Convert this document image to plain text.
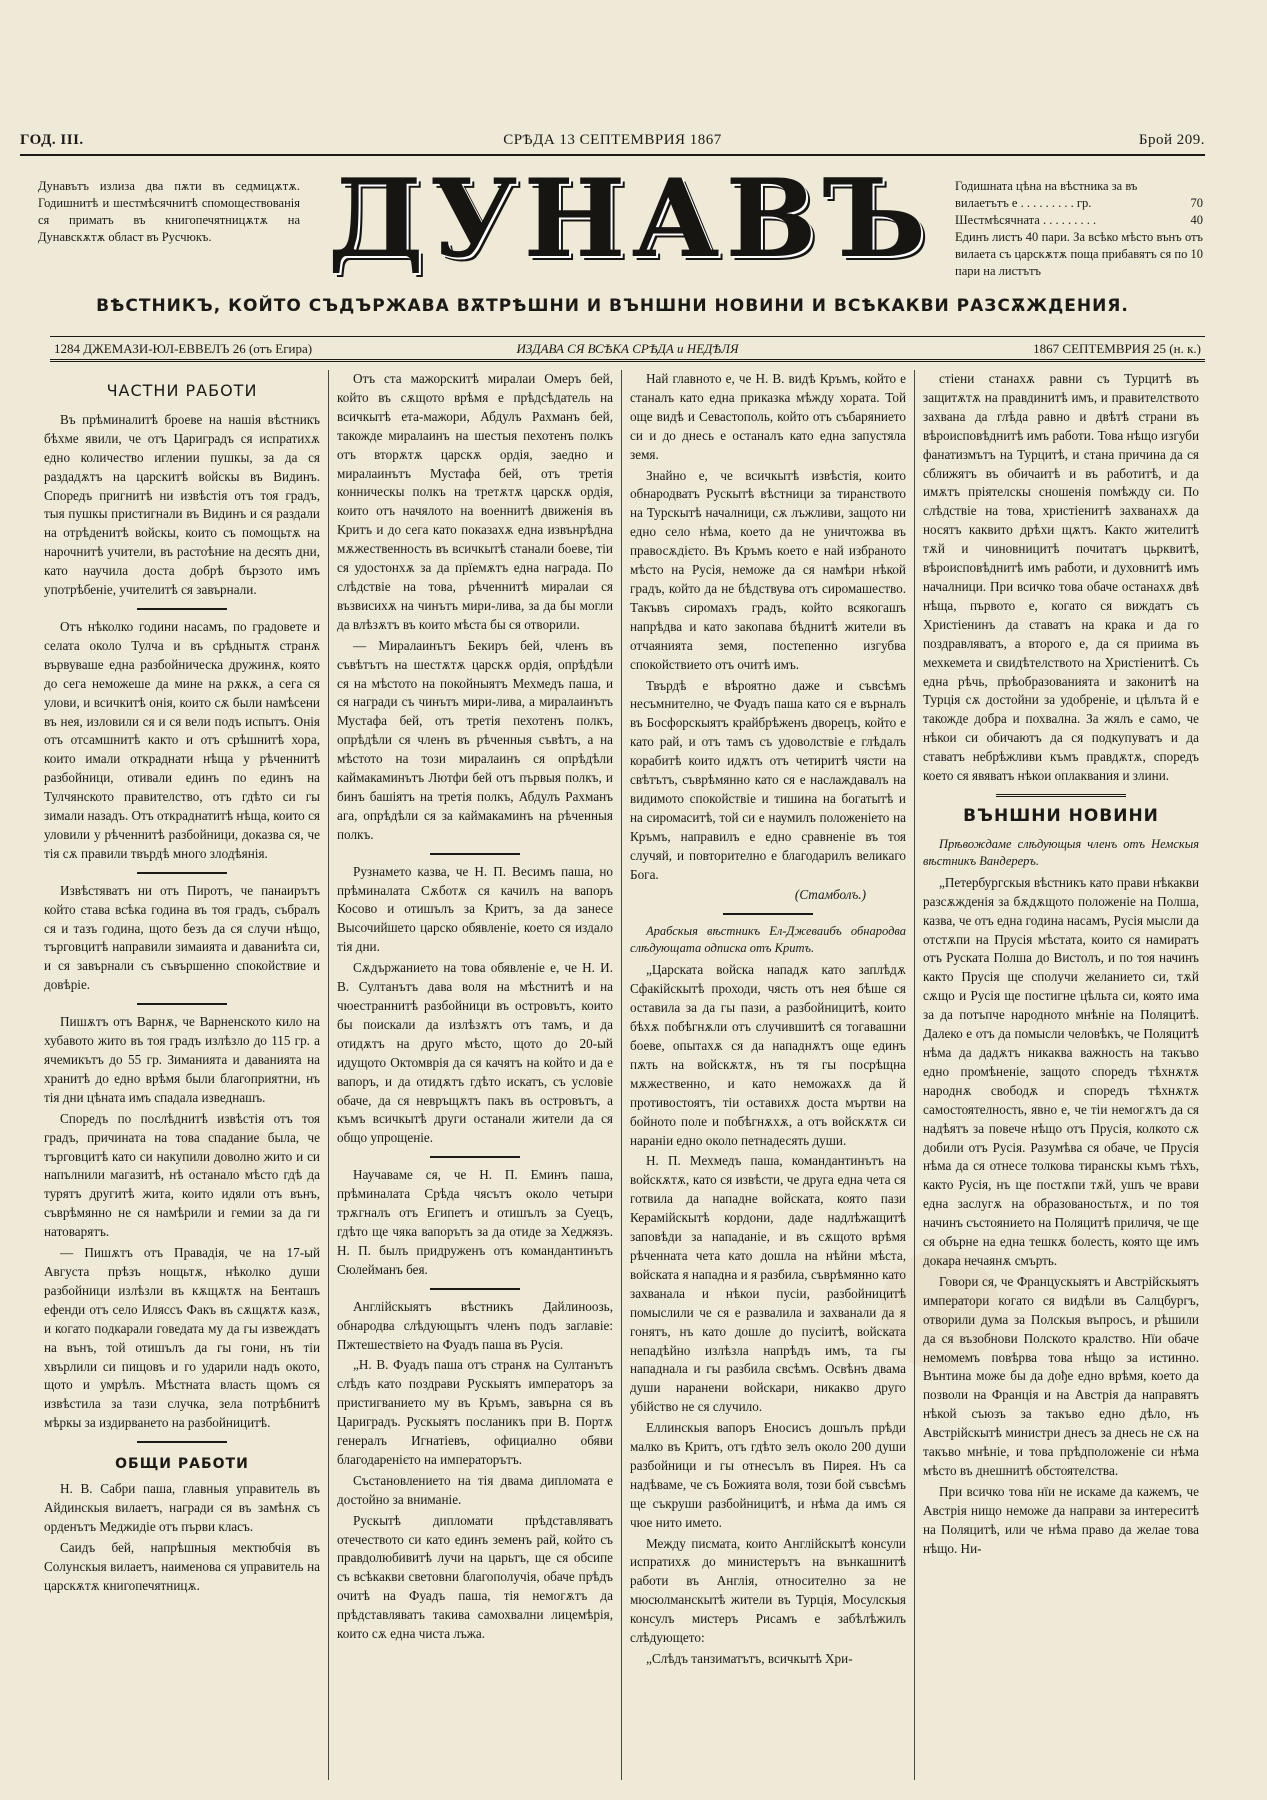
ГОД. III.	СРѢДА 13 СЕПТЕМВРИЯ 1867	Брой 209.
Дунавътъ излиза два пѫти въ седмицѫтѫ. Годишнитѣ и шестмѣсячнитѣ спомоществованія ся приматъ въ книгопечятницѫтѫ на Дунавскѫтѫ област въ Русчюкъ.	ДУНАВЪ	Годишната цѣна на вѣстника за въ
вилаетътъ е . . . . . . . . . гр.	70
Шестмѣсячната . . . . . . . . .	40
Единъ листъ 40 пари. За всѣко мѣсто вънъ отъ вилаета съ царскѫтѫ поща прибавятъ ся по 10 пари на листътъ
ВѢСТНИКЪ, КОЙТО СЪДЪРЖАВА ВѪТРѢШНИ И ВЪНШНИ НОВИНИ И ВСѢКАКВИ РАЗСѪЖДЕНИЯ.
1284 ДЖЕМАЗИ-ЮЛ-ЕВВЕЛЪ 26 (отъ Егира)	ИЗДАВА СЯ ВСѢКА СРѢДА и НЕДѢЛЯ	1867 СЕПТЕМВРИЯ 25 (н. к.)
ЧАСТНИ РАБОТИ

Въ прѣминалитѣ броеве на нашія вѣстникъ бѣхме явили, че отъ Цариградъ ся испратихѫ едно количество иглении пушкы, за да ся раздадѫтъ на царскитѣ войскы въ Видинъ. Споредъ пригнитѣ ни извѣстія отъ тоя градъ, тыя пушкы пристигнали въ Видинъ и ся раздали на отрѣденитѣ войскы, които съ помощьтѫ на нарочнитѣ учители, въ растоѣние на десять дни, като научила доста добрѣ бързото имъ употрѣбеніе, учителитѣ ся завърнали.

Отъ нѣколко години насамъ, по градовете и селата около Тулча и въ срѣднытѫ странѫ вървуваше една разбойническа дружинѫ, която до сега неможеше да мине на рѫкѫ, а сега ся улови, и всичкитѣ онія, които сѫ были намѣсени въ нея, изловили ся и ся вели подъ испытъ. Онія отъ отсамшнитѣ както и отъ срѣшнитѣ хора, които имали откраднати нѣща у рѣченнитѣ разбойници, отивали единъ по единъ на Тулчянското правителство, отъ гдѣто си гы зимали назадъ. Отъ откраднатитѣ нѣща, които ся уловили у рѣченнитѣ разбойници, доказва ся, че тія сѫ правили твърдѣ много злодѣянія.

Извѣстяватъ ни отъ Пиротъ, че панаирътъ който става всѣка година въ тоя градъ, събралъ ся и тазъ година, щото безъ да ся случи нѣщо, търговцитѣ направили зимаията и даваниѣта си, и ся завърнали съ съвършенно спокойствие и довѣріе.

Пишѫтъ отъ Варнѫ, че Варненското кило на хубавото жито въ тоя градъ излѣзло до 115 гр. а ячемикътъ до 55 гр. Зиманията и даванията на хранитѣ до едно врѣмя были благоприятни, нъ тія дни цѣната имъ спадала изведнашъ.

Споредъ по послѣднитѣ извѣстія отъ тоя градъ, причината на това спадание была, че търговцитѣ като си накупили доволно жито и си напълнили магазитѣ, нѣ останало мѣсто гдѣ да турятъ другитѣ жита, които идяли отъ вънъ, съврѣмянно не ся намѣрили и гемии за да ги натоварятъ.

— Пишѫтъ отъ Правадія, че на 17-ый Августа прѣзъ нощьтѫ, нѣколко души разбойници излѣзли въ кѫщѫтѫ на Бенташъ ефенди отъ село Иляссъ Факъ въ сѫщѫтѫ казѫ, и когато подкарали говедата му да гы извеждатъ на вънъ, той отишълъ да гы гони, нъ тіи хвърлили си пищовъ и го ударили надъ окото, щото и умрѣлъ. Мѣстната власть щомъ ся извѣстила за тази случка, зела потрѣбнитѣ мѣркы за издирването на разбойницитѣ.

ОБЩИ РАБОТИ

Н. В. Сабри паша, главныя управитель въ Айдинскыя вилаетъ, награди ся въ замѣнѫ съ орденътъ Меджидіе отъ първи класъ.

Саидъ бей, напрѣшныя мектюбчія въ Солунскыя вилаетъ, наименова ся управитель на царскѫтѫ книгопечятницѫ.

Отъ ста мажорскитѣ миралаи Омеръ бей, който въ сѫщото врѣмя е прѣдсѣдатель на всичкытѣ ета-мажори, Абдулъ Рахманъ бей, такожде миралаинъ на шестыя пехотенъ полкъ отъ вторѫтѫ царскѫ ордія, заедно и миралаинътъ Мустафа бей, отъ третія конническы полкъ на третѫтѫ царскѫ ордія, които отъ начялото на военнитѣ движенія въ Критъ и до сега като показахѫ една извънрѣдна мѫжественность въ всичкытѣ станали боеве, тіи ся удостонхѫ за да прїемѫтъ една награда. По слѣдствіе на това, рѣченнитѣ миралаи ся възвисихѫ на чинътъ мири-лива, за да бы могли да влѣзѫтъ въ които мѣста бы ся отворили.

— Миралаинътъ Бекиръ бей, членъ въ съвѣтътъ на шестѫтѫ царскѫ ордія, опрѣдѣли ся на мѣстото на покойныятъ Мехмедъ паша, и ся награди съ чинътъ мири-лива, а миралаинътъ Мустафа бей, отъ третія пехотенъ полкъ, опрѣдѣли ся членъ въ рѣченныя съвѣтъ, а на мѣстото на този миралаинъ ся опрѣдѣли каймакаминътъ Лютфи бей отъ първыя полкъ, и бинъ башіятъ на третія полкъ, Абдулъ Рахманъ ага, опрѣдѣли ся за каймакаминъ на рѣченныя полкъ.

Рузнамето казва, че Н. П. Весимъ паша, но прѣминалата Сѫботѫ ся качилъ на вапоръ Косово и отишълъ за Критъ, за да занесе Высочийшето царско обявленіе, което ся издало тія дни.

Сѫдържанието на това обявленіе е, че Н. И. В. Султанътъ дава воля на мѣстнитѣ и на чюестраннитѣ разбойници въ островътъ, които бы поискали да излѣзѫтъ отъ тамъ, и да отидѫтъ на друго мѣсто, щото до 20-ый идущото Октомврія да ся качятъ на който и да е вапоръ, и да отидѫтъ гдѣто искатъ, съ условіе обаче, да ся невръщѫтъ пакъ въ островътъ, а къмъ всичкытѣ други останали жители да ся общо упрощеніе.

Научаваме ся, че Н. П. Еминъ паша, прѣминалата Срѣда чясътъ около четыри трѫгналъ отъ Египетъ и отишълъ за Суецъ, гдѣто ще чяка вапорътъ за да отиде за Хеджязъ. Н. П. былъ придруженъ отъ командантинътъ Сюлейманъ бея.

Англійскыятъ вѣстникъ Дайлиноозь, обнародва слѣдующытъ членъ подъ заглавіе: Пжтешествіето на Фуадъ паша въ Русія.

„Н. В. Фуадъ паша отъ странѫ на Султанътъ слѣдъ като поздрави Рускыятъ императоръ за пристигванието му въ Кръмъ, завърна ся въ Цариградъ. Рускыятъ посланикъ при В. Портѫ генералъ Игнатіевъ, официално обяви благодаренієто на императорътъ.

Състановлението на тія двама дипломата е достойно за вниманіе.

Рускытѣ дипломати прѣдставляватъ отечеството си като единъ земенъ рай, който съ правдолюбивитѣ лучи на царьтъ, ще ся обсипе съ всѣкакви световни благополучія, обаче прѣдъ очитѣ на Фуадъ паша, тія немогѫтъ да прѣдставляватъ такива самохвални лицемѣрія, които сѫ една чиста лъжа.

Най главното е, че Н. В. видѣ Кръмъ, който е станалъ като една приказка мѣжду хората. Той още видѣ и Севастополь, който отъ събарянието си и до днесь е останалъ като една запустяла земя.

Знайно е, че всичкытѣ извѣстія, които обнародватъ Рускытѣ вѣстници за тиранството на Турскытѣ началници, сѫ лъжливи, защото ни едно село нѣма, което да не уничтожва въ правосѫдієто. Въ Кръмъ което е най избраното мѣсто на Русія, неможе да ся намѣри нѣкой градъ, който да не бѣдствува отъ сиромашество. Такъвъ сиромахъ градъ, който всякогашъ напрѣдва и като закопава бѣднитѣ жители въ отчаянията земя, постепенно изгубва спокойствието отъ очитѣ имъ.

Твърдѣ е вѣроятно даже и съвсѣмъ несъмнително, че Фуадъ паша като ся е върналъ въ Босфорскыятъ крайбрѣженъ дворецъ, който е като рай, и отъ тамъ съ удоволствіе е глѣдалъ корабитѣ които идѫтъ отъ четиритѣ чясти на свѣтътъ, съврѣмянно като ся е наслаждавалъ на видимото спокойствіе и тишина на богатытѣ и на сиромаситѣ, той си е наумилъ положеніето на Кръмъ, направилъ е едно сравненіе въ тоя случяй, и повторително е благодарилъ великаго Бога.

(Стамболъ.)
Арабскыя вѣстникъ Ел-Джеваибъ обнародва слѣдующата одписка отъ Критъ.

„Царската войска нападѫ като заплѣдѫ Сфакійскытѣ проходи, чясть отъ нея бѣше ся оставила за да гы пази, а разбойницитѣ, които бѣхѫ побѣгнѫли отъ случившитѣ ся тогавашни боеве, опытахѫ ся да нападнѫтъ още единъ пѫть на войскѫтѫ, нъ тя гы посрѣщна мѫжественно, и като неможахѫ да й противостоятъ, тіи оставихѫ доста мъртви на бойното поле и побѣгнѫхѫ, а отъ войскѫтѫ си нараніи едно около петнадесять души.

Н. П. Мехмедъ паша, командантинътъ на войскѫтѫ, като ся извѣсти, че друга една чета ся готвила да нападне войската, която пази Керамійскытѣ кордони, даде надлѣжащитѣ заповѣди за нападаніе, и въ сѫщото врѣмя рѣченната чета като дошла на нѣйни мѣста, войската я нападна и я разбила, съврѣмянно като захванала и нѣкои пусіи, разбойницитѣ помыслили че ся е развалила и захванали да я гонятъ, нъ като дошле до пусіитѣ, войската непадѣйно излѣзла напрѣдъ имъ, та гы нападнала и гы разбила свсѣмъ. Освѣнъ двама души наранени войскари, никакво друго убійство не ся случило.

Еллинскыя вапоръ Еносисъ дошълъ прѣди малко въ Критъ, отъ гдѣто зелъ около 200 души разбойници и гы отнесълъ въ Пирея. Нъ са надѣваме, че съ Божията воля, този бой съвсѣмъ ще съкруши разбойницитѣ, и нѣма да имъ ся чюе нито името.

Между писмата, които Англійскытѣ консули испратихѫ до министерътъ на вънкашнитѣ работи въ Англія, относително за не мюсюлманскытѣ жители въ Турція, Мосулскыя консулъ мистеръ Рисамъ е забѣлѣжилъ слѣдующето:

„Слѣдъ танзиматътъ, всичкытѣ Хри-

стіени станахѫ равни съ Турцитѣ въ защитѫтѫ на правдинитѣ имъ, и правителството захвана да глѣда равно и двѣтѣ страни въ вѣроисповѣднитѣ имъ работи. Това нѣщо изгуби фанатизмътъ на Турцитѣ, и стана причина да ся сближятъ въ обичаитѣ и въ работитѣ, и да имѫтъ прiятелскы сношенія помѣжду си. По слѣдствіе на това, христіенитѣ захванахѫ да носятъ каквито дрѣхи щѫтъ. Както жителитѣ тѫй и чиновницитѣ почитатъ цьрквитѣ, вѣроисповѣднитѣ имъ работи, и духовнитѣ имъ началници. При всичко това обаче останахѫ двѣ нѣща, първото е, когато ся виждатъ съ Христіенинъ да ставатъ на крака и да го поздравляватъ, а второго е, да ся приима въ мехкемета и свидѣтелството на Христіенитѣ. Съ една рѣчь, прѣобразованията и законитѣ на Турція сѫ достойни за удобреніе, и цѣлъта й е такожде добра и похвална. За жялъ е само, че нѣкои си обичаютъ да ся подкупуватъ и да ставатъ небрѣжливи къмъ правдѫтѫ, споредъ което ся явяватъ нѣкои оплаквания и злини.

ВЪНШНИ НОВИНИ
Прѣвождаме слѣдующыя членъ отъ Немскыя вѣстникъ Вандереръ.

„Петербургскыя вѣстникъ като прави нѣкакви разсѫжденія за бѫдѫщото положеніе на Полша, казва, че отъ една година насамъ, Русія мысли да отстѫпи на Прусія мѣстата, които ся намиратъ отъ Руската Полша до Вистолъ, и по тоя начинъ както Прусія ще сполучи желанието си, тѫй сѫщо и Русія ще постигне цѣльта си, която има за да потъпче народното мнѣніе на Поляцитѣ. Далеко е отъ да помысли человѣкъ, че Поляцитѣ нѣма да дадѫтъ никаква важность на такъво едно промѣненіе, защото споредъ тѣхнѫтѫ народнѫ свободѫ и споредъ тѣхнѫтѫ самостоятелность, явно е, че тіи немогѫтъ да ся надѣятъ за повече нѣщо отъ Прусія, колкото сѫ добили отъ Русія. Разумѣва ся обаче, че Прусія нѣма да ся отнесе толкова тиранскы къмъ тѣхъ, както Русія, нъ ще постѫпи тѫй, ушъ че врави една заслугѫ на образованостьтѫ, и по тоя начинъ състоянието на Поляцитѣ приличя, че ще ся обърне на една тешкѫ болесть, която ще имъ докара нечаянѫ смърть.

Говори ся, че Францускыятъ и Австрійскыятъ императори когато ся видѣли въ Салцбургъ, отворили дума за Полскыя въпросъ, и рѣшили да ся възобнови Полското кралство. Нїи обаче немомемъ повѣрва това нѣщо за истинно. Вънтина може бы да дође едно врѣмя, което да позволи на Франція и на Австрія да направятъ нѣкой съюзъ за такъво едно дѣло, нъ Австрійскытѣ министри днесъ за днесь не сѫ на такъво мнѣніе, и това прѣдположеніе си нѣма мѣсто въ днешнитѣ обстоятелства.

При всичко това нїи не искаме да кажемъ, че Австрія нищо неможе да направи за интереситѣ на Поляцитѣ, или че нѣма право да желае това нѣщо. Ни-
